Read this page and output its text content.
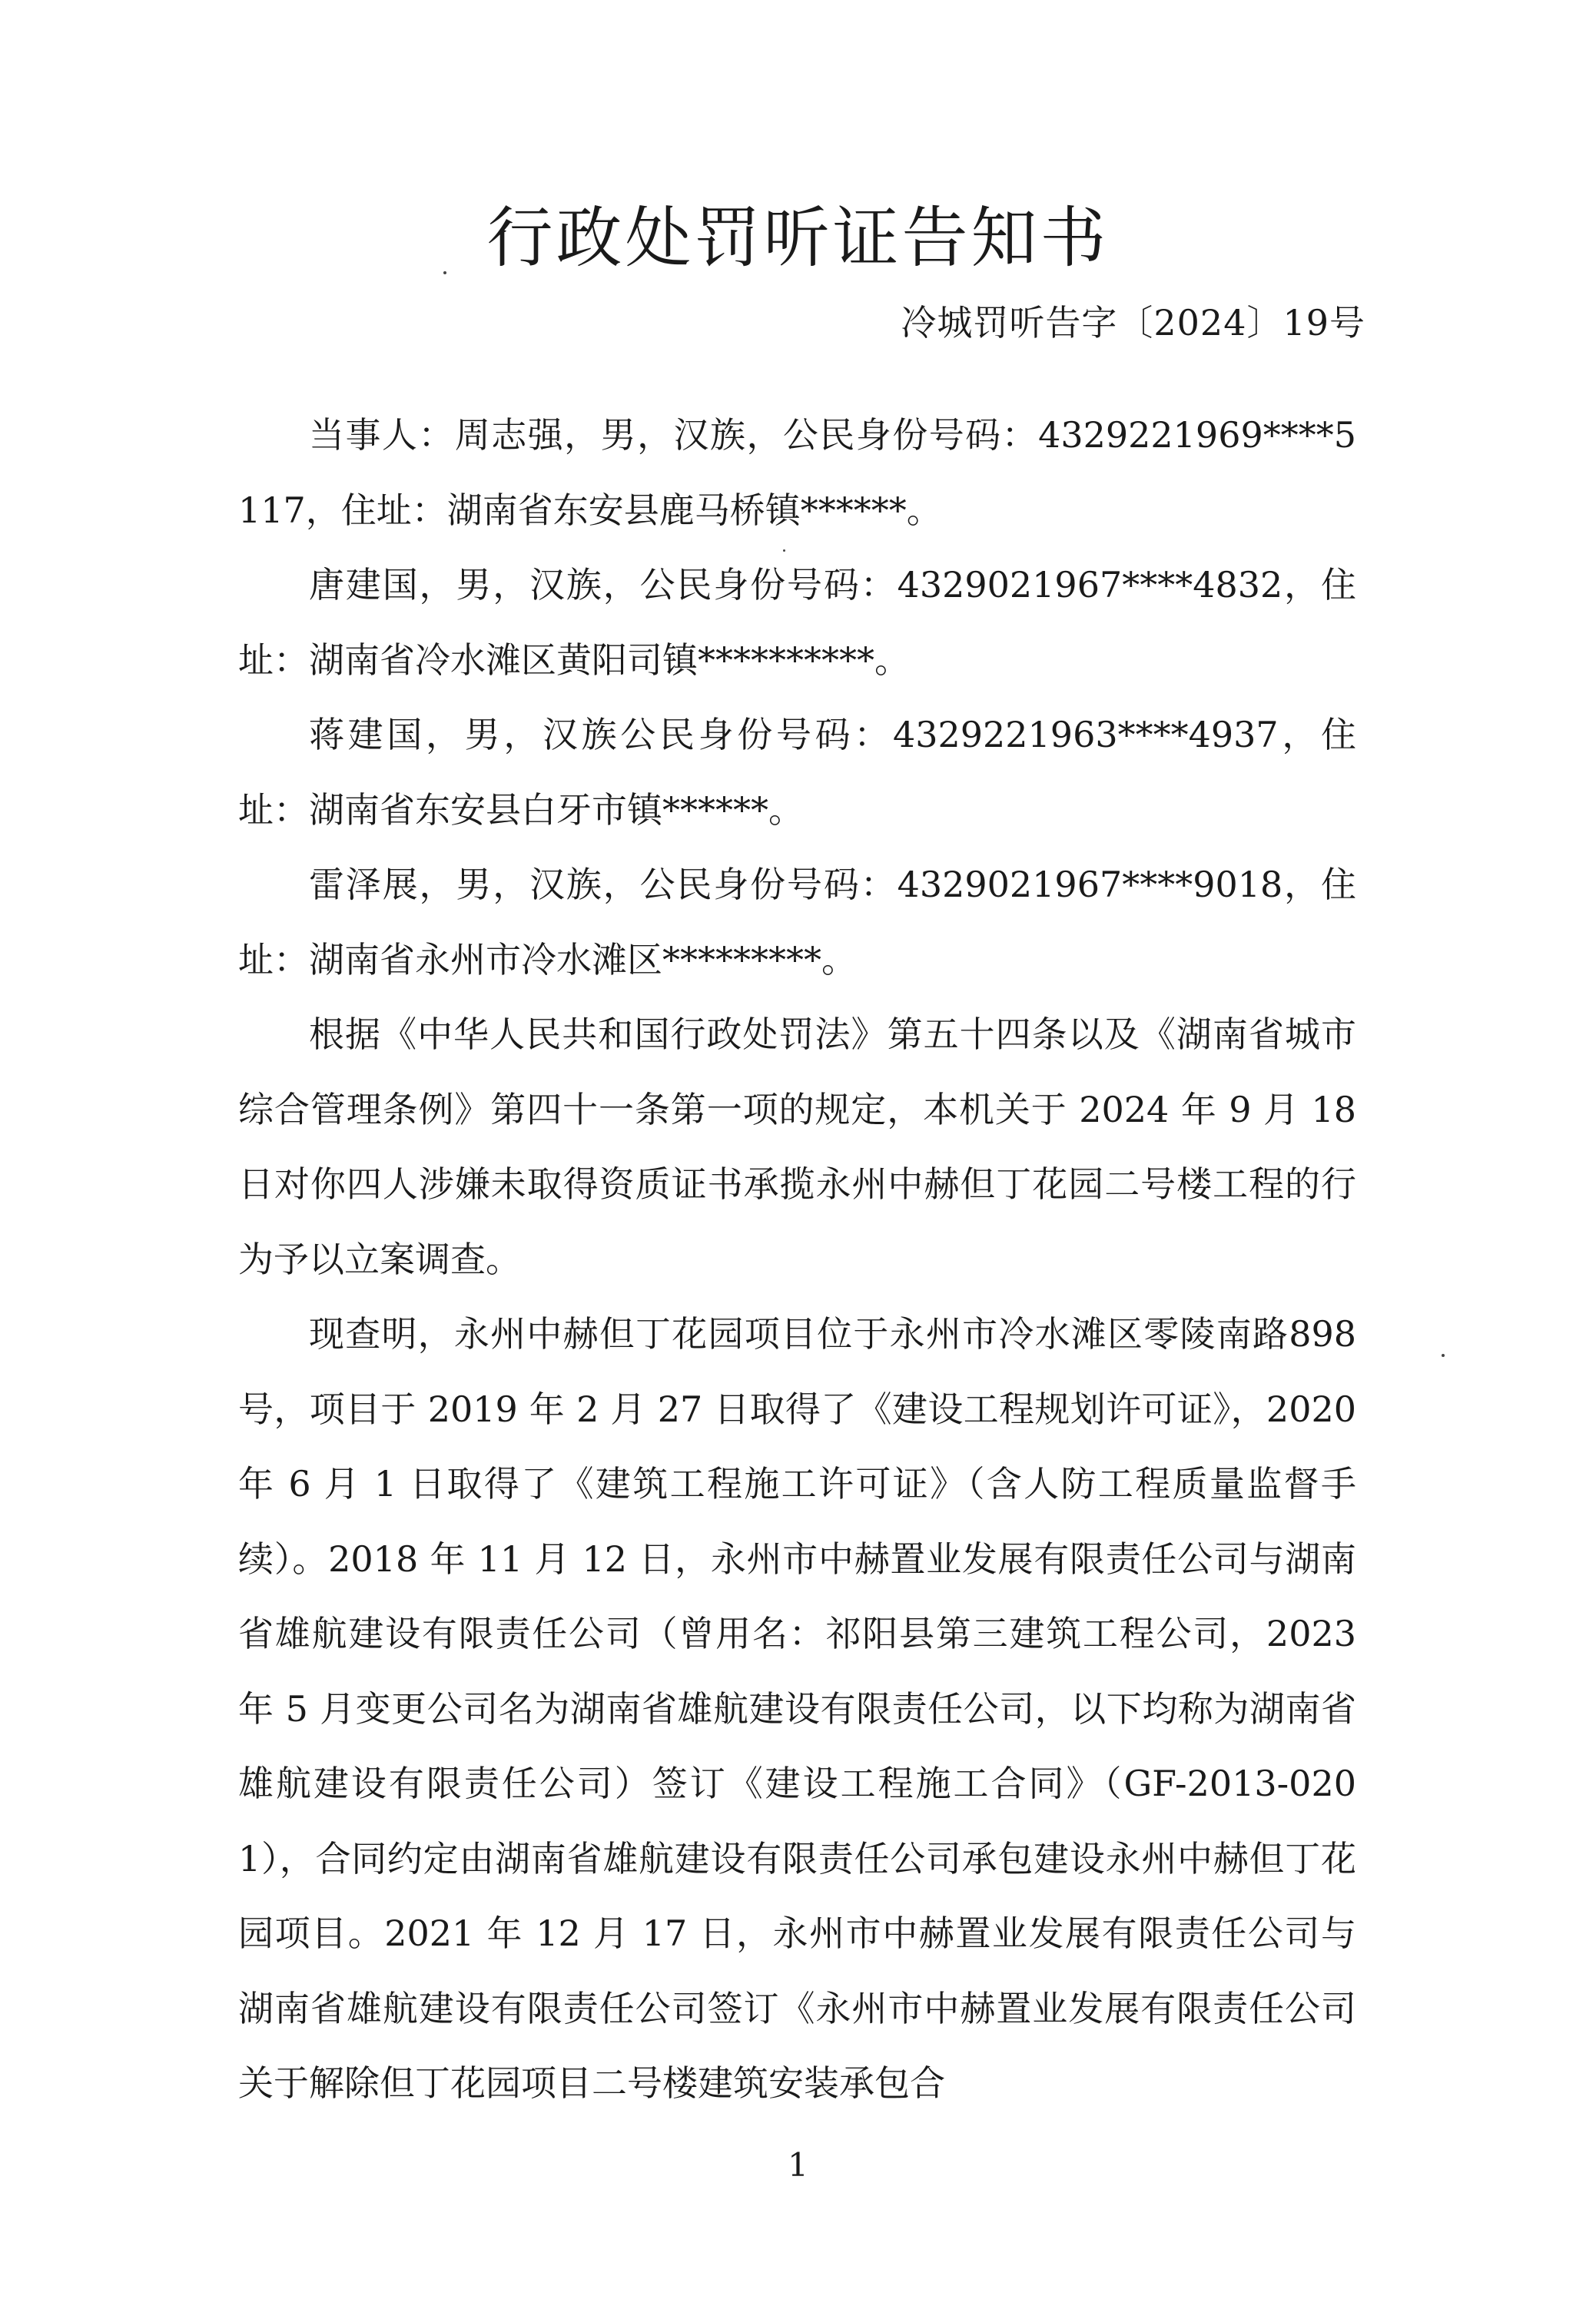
行政处罚听证告知书
冷城罚听告字〔2024〕19号

当事人：周志强，男，汉族，公民身份号码：4329221969****5117，住址：湖南省东安县鹿马桥镇******。

唐建国，男，汉族，公民身份号码：4329021967****4832，住址：湖南省冷水滩区黄阳司镇**********。

蒋建国，男，汉族公民身份号码：4329221963****4937，住址：湖南省东安县白牙市镇******。

雷泽展，男，汉族，公民身份号码：4329021967****9018，住址：湖南省永州市冷水滩区*********。

根据《中华人民共和国行政处罚法》第五十四条以及《湖南省城市综合管理条例》第四十一条第一项的规定，本机关于 2024 年 9 月 18 日对你四人涉嫌未取得资质证书承揽永州中赫但丁花园二号楼工程的行为予以立案调查。

现查明，永州中赫但丁花园项目位于永州市冷水滩区零陵南路898号，项目于 2019 年 2 月 27 日取得了《建设工程规划许可证》，2020 年 6 月 1 日取得了《建筑工程施工许可证》（含人防工程质量监督手续）。2018 年 11 月 12 日，永州市中赫置业发展有限责任公司与湖南省雄航建设有限责任公司（曾用名：祁阳县第三建筑工程公司，2023 年 5 月变更公司名为湖南省雄航建设有限责任公司，以下均称为湖南省雄航建设有限责任公司）签订《建设工程施工合同》（GF-2013-0201），合同约定由湖南省雄航建设有限责任公司承包建设永州中赫但丁花园项目。2021 年 12 月 17 日，永州市中赫置业发展有限责任公司与湖南省雄航建设有限责任公司签订《永州市中赫置业发展有限责任公司关于解除但丁花园项目二号楼建筑安装承包合

1
